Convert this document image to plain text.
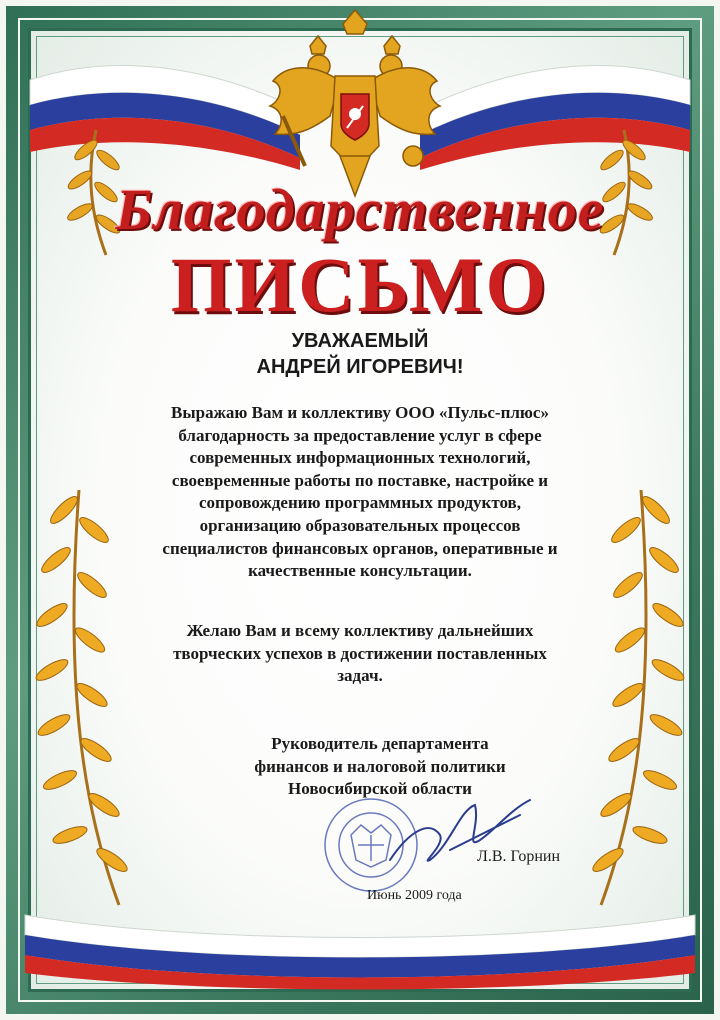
Благодарственное
ПИСЬМО
УВАЖАЕМЫЙ
АНДРЕЙ ИГОРЕВИЧ!
Выражаю Вам и коллективу ООО «Пульс-плюс»
благодарность за предоставление услуг в сфере
современных информационных технологий,
своевременные работы по поставке, настройке и
сопровождению программных продуктов,
организацию образовательных процессов
специалистов финансовых органов, оперативные и
качественные консультации.
Желаю Вам и всему коллективу дальнейших
творческих успехов в достижении поставленных
задач.
Руководитель департамента
финансов и налоговой политики
Новосибирской области
Л.В. Горнин
Июнь 2009 года
